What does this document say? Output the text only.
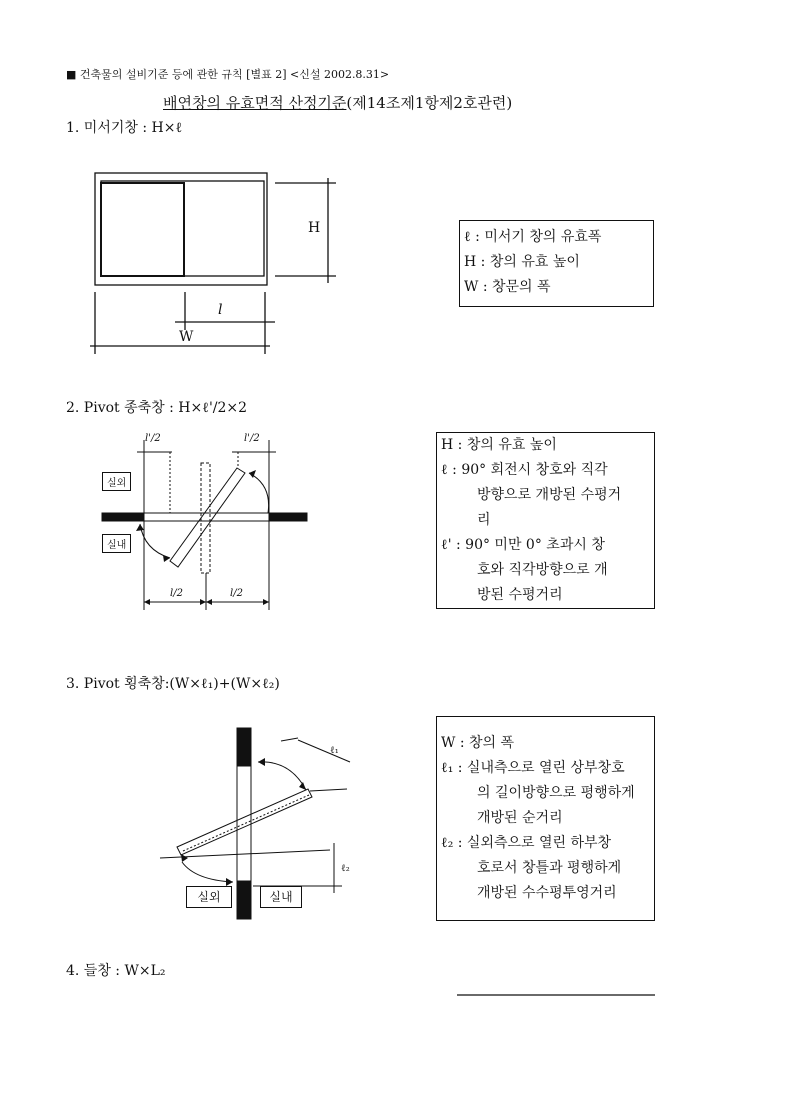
■ 건축물의 설비기준 등에 관한 규칙 [별표 2] <신설 2002.8.31>
배연창의 유효면적 산정기준(제14조제1항제2호관련)
1. 미서기창 : H×ℓ
H
l
W
ℓ : 미서기 창의 유효폭
H : 창의 유효 높이
W : 창문의 폭
2. Pivot 종축창 : H×ℓ'/2×2
l'/2	l'/2
실외
실내
l/2	l/2
H : 창의 유효 높이
ℓ : 90° 회전시 창호와 직각
방향으로 개방된 수평거
리
ℓ' : 90° 미만 0° 초과시 창
호와 직각방향으로 개
방된 수평거리
3. Pivot 횡축창:(W×ℓ₁)+(W×ℓ₂)
ℓ₁
ℓ₂
실외	실내
W : 창의 폭
ℓ₁ : 실내측으로 열린 상부창호
의 길이방향으로 평행하게
개방된 순거리
ℓ₂ : 실외측으로 열린 하부창
호로서 창틀과 평행하게
개방된 수수평투영거리
4. 들창 : W×L₂
